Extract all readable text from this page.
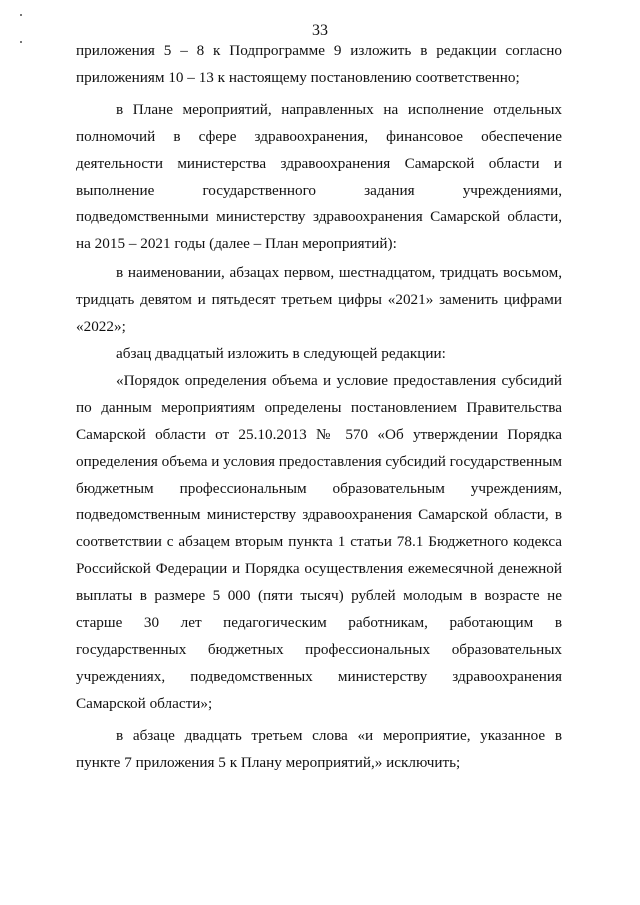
33

приложения 5 – 8 к Подпрограмме 9 изложить в редакции согласно приложениям 10 – 13 к настоящему постановлению соответственно;

в Плане мероприятий, направленных на исполнение отдельных полномочий в сфере здравоохранения, финансовое обеспечение деятельности министерства здравоохранения Самарской области и выполнение государственного задания учреждениями, подведомственными министерству здравоохранения Самарской области, на 2015 – 2021 годы (далее – План мероприятий):

в наименовании, абзацах первом, шестнадцатом, тридцать восьмом, тридцать девятом и пятьдесят третьем цифры «2021» заменить цифрами «2022»;

абзац двадцатый изложить в следующей редакции:

«Порядок определения объема и условие предоставления субсидий по данным мероприятиям определены постановлением Правительства Самарской области от 25.10.2013 № 570 «Об утверждении Порядка определения объема и условия предоставления субсидий государственным бюджетным профессиональным образовательным учреждениям, подведомственным министерству здравоохранения Самарской области, в соответствии с абзацем вторым пункта 1 статьи 78.1 Бюджетного кодекса Российской Федерации и Порядка осуществления ежемесячной денежной выплаты в размере 5 000 (пяти тысяч) рублей молодым в возрасте не старше 30 лет педагогическим работникам, работающим в государственных бюджетных профессиональных образовательных учреждениях, подведомственных министерству здравоохранения Самарской области»;

в абзаце двадцать третьем слова «и мероприятие, указанное в пункте 7 приложения 5 к Плану мероприятий,» исключить;
